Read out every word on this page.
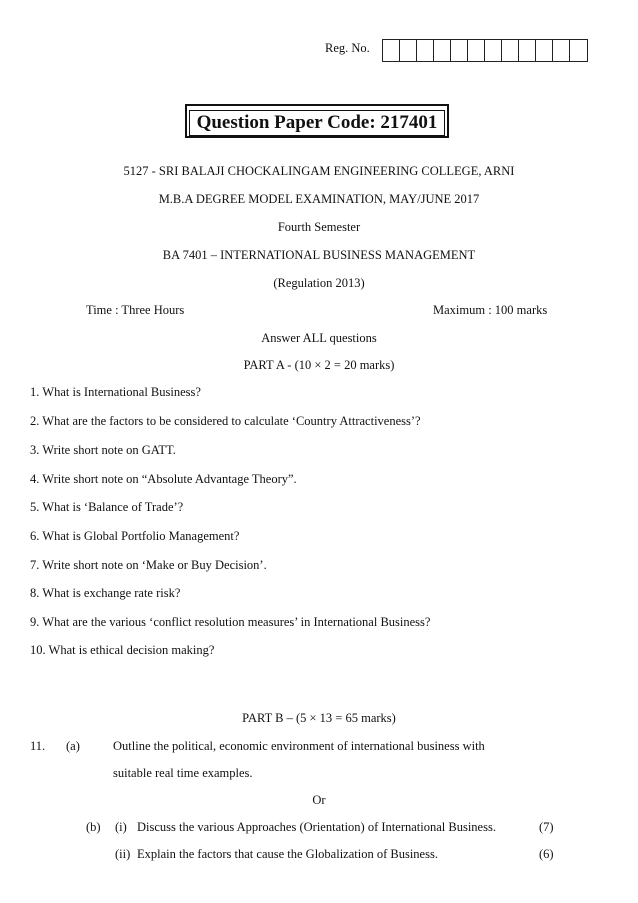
Reg. No.
Question Paper Code: 217401
5127 - SRI BALAJI CHOCKALINGAM ENGINEERING COLLEGE, ARNI
M.B.A DEGREE MODEL EXAMINATION, MAY/JUNE 2017
Fourth Semester
BA 7401 – INTERNATIONAL BUSINESS MANAGEMENT
(Regulation 2013)
Time : Three Hours	Maximum : 100 marks
Answer ALL questions
PART A - (10 × 2 = 20 marks)
1. What is International Business?
2. What are the factors to be considered to calculate ‘Country Attractiveness’?
3. Write short note on GATT.
4. Write short note on “Absolute Advantage Theory”.
5. What is ‘Balance of Trade’?
6. What is Global Portfolio Management?
7. Write short note on ‘Make or Buy Decision’.
8. What is exchange rate risk?
9. What are the various ‘conflict resolution measures’ in International Business?
10. What is ethical decision making?
PART B – (5 × 13 = 65 marks)
11. (a)	Outline the political, economic environment of international business with
suitable real time examples.
Or
(b) (i) Discuss the various Approaches (Orientation) of International Business.	(7)
(ii) Explain the factors that cause the Globalization of Business.	(6)
